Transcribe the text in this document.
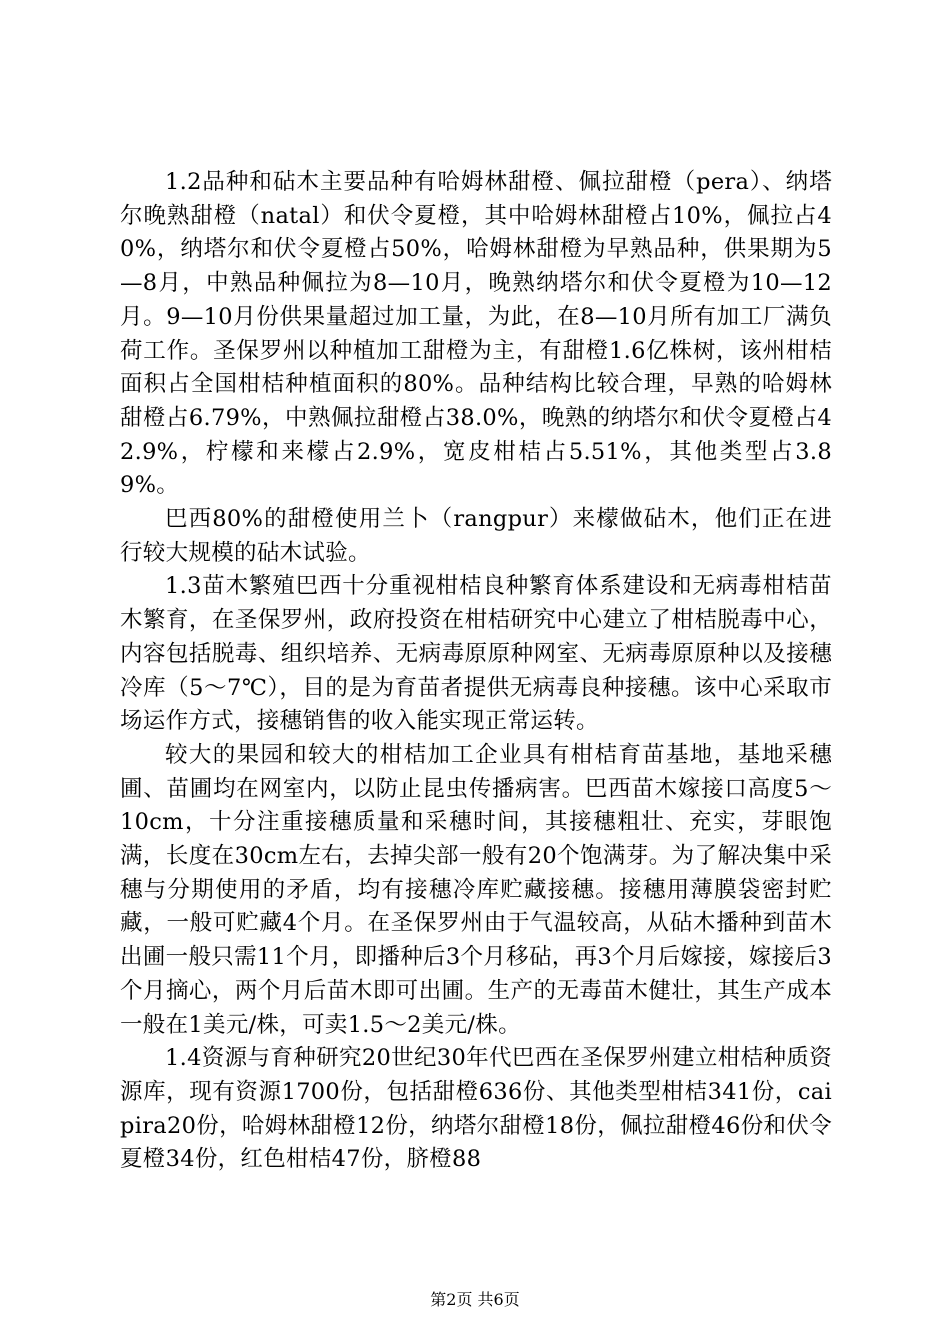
1.2品种和砧木主要品种有哈姆林甜橙、佩拉甜橙（pera）、纳塔尔晚熟甜橙（natal）和伏令夏橙，其中哈姆林甜橙占10%，佩拉占40%，纳塔尔和伏令夏橙占50%，哈姆林甜橙为早熟品种，供果期为5—8月，中熟品种佩拉为8—10月，晚熟纳塔尔和伏令夏橙为10—12月。9—10月份供果量超过加工量，为此，在8—10月所有加工厂满负荷工作。圣保罗州以种植加工甜橙为主，有甜橙1.6亿株树，该州柑桔面积占全国柑桔种植面积的80%。品种结构比较合理，早熟的哈姆林甜橙占6.79%，中熟佩拉甜橙占38.0%，晚熟的纳塔尔和伏令夏橙占42.9%，柠檬和来檬占2.9%，宽皮柑桔占5.51%，其他类型占3.89%。

巴西80%的甜橙使用兰卜（rangpur）来檬做砧木，他们正在进行较大规模的砧木试验。

1.3苗木繁殖巴西十分重视柑桔良种繁育体系建设和无病毒柑桔苗木繁育，在圣保罗州，政府投资在柑桔研究中心建立了柑桔脱毒中心，内容包括脱毒、组织培养、无病毒原原种网室、无病毒原原种以及接穗冷库（5～7℃），目的是为育苗者提供无病毒良种接穗。该中心采取市场运作方式，接穗销售的收入能实现正常运转。

较大的果园和较大的柑桔加工企业具有柑桔育苗基地，基地采穗圃、苗圃均在网室内，以防止昆虫传播病害。巴西苗木嫁接口高度5～10cm，十分注重接穗质量和采穗时间，其接穗粗壮、充实，芽眼饱满，长度在30cm左右，去掉尖部一般有20个饱满芽。为了解决集中采穗与分期使用的矛盾，均有接穗冷库贮藏接穗。接穗用薄膜袋密封贮藏，一般可贮藏4个月。在圣保罗州由于气温较高，从砧木播种到苗木出圃一般只需11个月，即播种后3个月移砧，再3个月后嫁接，嫁接后3个月摘心，两个月后苗木即可出圃。生产的无毒苗木健壮，其生产成本一般在1美元/株，可卖1.5～2美元/株。

1.4资源与育种研究20世纪30年代巴西在圣保罗州建立柑桔种质资源库，现有资源1700份，包括甜橙636份、其他类型柑桔341份，caipira20份，哈姆林甜橙12份，纳塔尔甜橙18份，佩拉甜橙46份和伏令夏橙34份，红色柑桔47份，脐橙88

第2页 共6页
